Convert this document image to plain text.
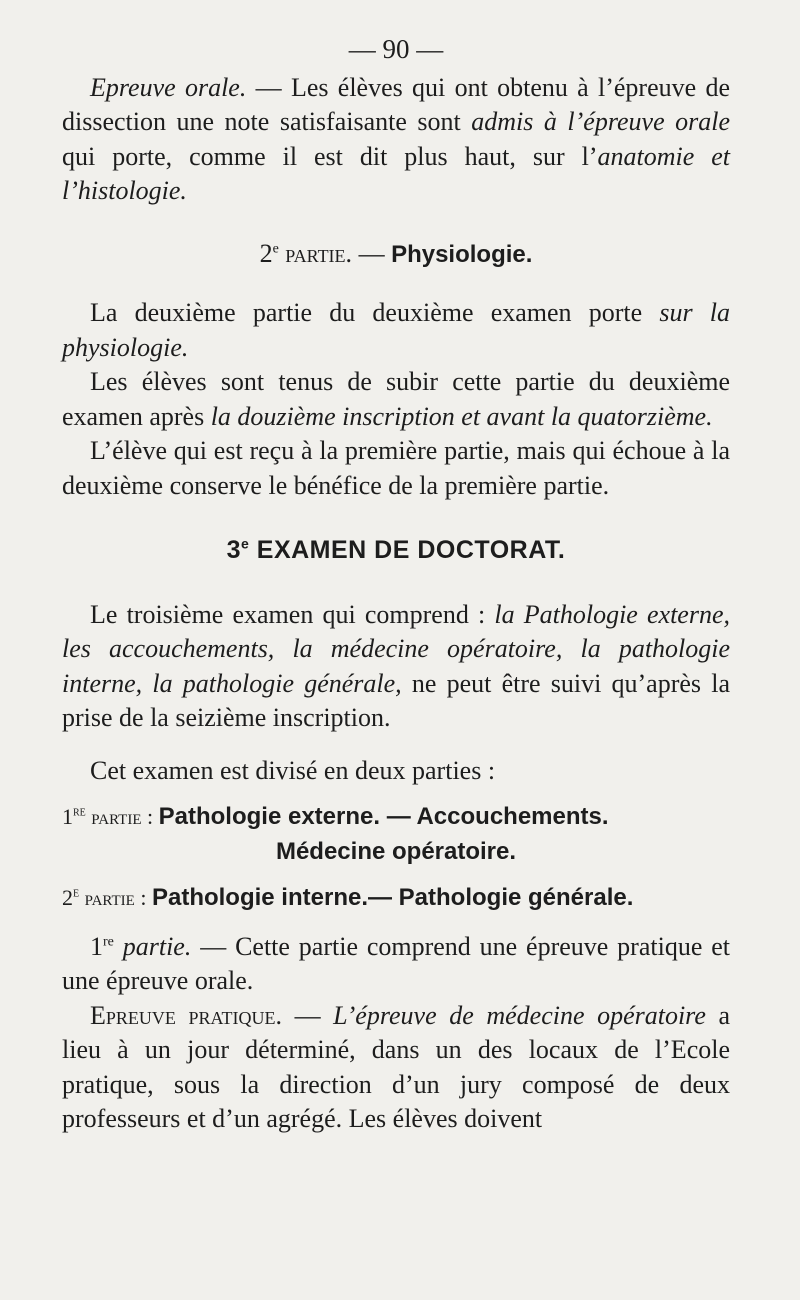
— 90 —

Epreuve orale. — Les élèves qui ont obtenu à l’épreuve de dissection une note satisfaisante sont admis à l’épreuve orale qui porte, comme il est dit plus haut, sur l’anatomie et l’histologie.

2e partie. — Physiologie.

La deuxième partie du deuxième examen porte sur la physiologie.

Les élèves sont tenus de subir cette partie du deuxième examen après la douzième inscription et avant la quatorzième.

L’élève qui est reçu à la première partie, mais qui échoue à la deuxième conserve le bénéfice de la première partie.

3e EXAMEN DE DOCTORAT.

Le troisième examen qui comprend : la Pathologie externe, les accouchements, la médecine opératoire, la pathologie interne, la pathologie générale, ne peut être suivi qu’après la prise de la seizième inscription.

Cet examen est divisé en deux parties :

1re partie : Pathologie externe. — Accouchements.
Médecine opératoire.
2e partie : Pathologie interne.— Pathologie générale.

1re partie. — Cette partie comprend une épreuve pratique et une épreuve orale.

Epreuve pratique. — L’épreuve de médecine opératoire a lieu à un jour déterminé, dans un des locaux de l’Ecole pratique, sous la direction d’un jury composé de deux professeurs et d’un agrégé. Les élèves doivent
